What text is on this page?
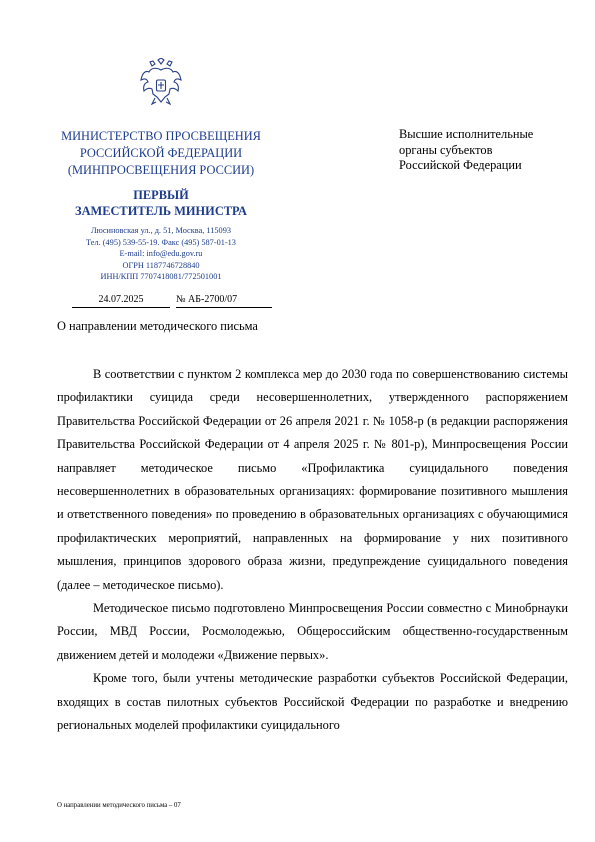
МИНИСТЕРСТВО ПРОСВЕЩЕНИЯ
РОССИЙСКОЙ ФЕДЕРАЦИИ
(МИНПРОСВЕЩЕНИЯ РОССИИ)
ПЕРВЫЙ
ЗАМЕСТИТЕЛЬ МИНИСТРА
Люсиновская ул., д. 51, Москва, 115093
Тел. (495) 539-55-19. Факс (495) 587-01-13
E-mail: info@edu.gov.ru
ОГРН 1187746728840
ИНН/КПП 7707418081/772501001
24.07.2025	№ АБ-2700/07
Высшие исполнительные
органы субъектов
Российской Федерации
О направлении методического письма

В соответствии с пунктом 2 комплекса мер до 2030 года по совершенствованию системы профилактики суицида среди несовершеннолетних, утвержденного распоряжением Правительства Российской Федерации от 26 апреля 2021 г. № 1058-р (в редакции распоряжения Правительства Российской Федерации от 4 апреля 2025 г. № 801-р), Минпросвещения России направляет методическое письмо «Профилактика суицидального поведения несовершеннолетних в образовательных организациях: формирование позитивного мышления и ответственного поведения» по проведению в образовательных организациях с обучающимися профилактических мероприятий, направленных на формирование у них позитивного мышления, принципов здорового образа жизни, предупреждение суицидального поведения (далее – методическое письмо).

Методическое письмо подготовлено Минпросвещения России совместно с Минобрнауки России, МВД России, Росмолодежью, Общероссийским общественно-государственным движением детей и молодежи «Движение первых».

Кроме того, были учтены методические разработки субъектов Российской Федерации, входящих в состав пилотных субъектов Российской Федерации по разработке и внедрению региональных моделей профилактики суицидального

О направлении методического письма – 07
